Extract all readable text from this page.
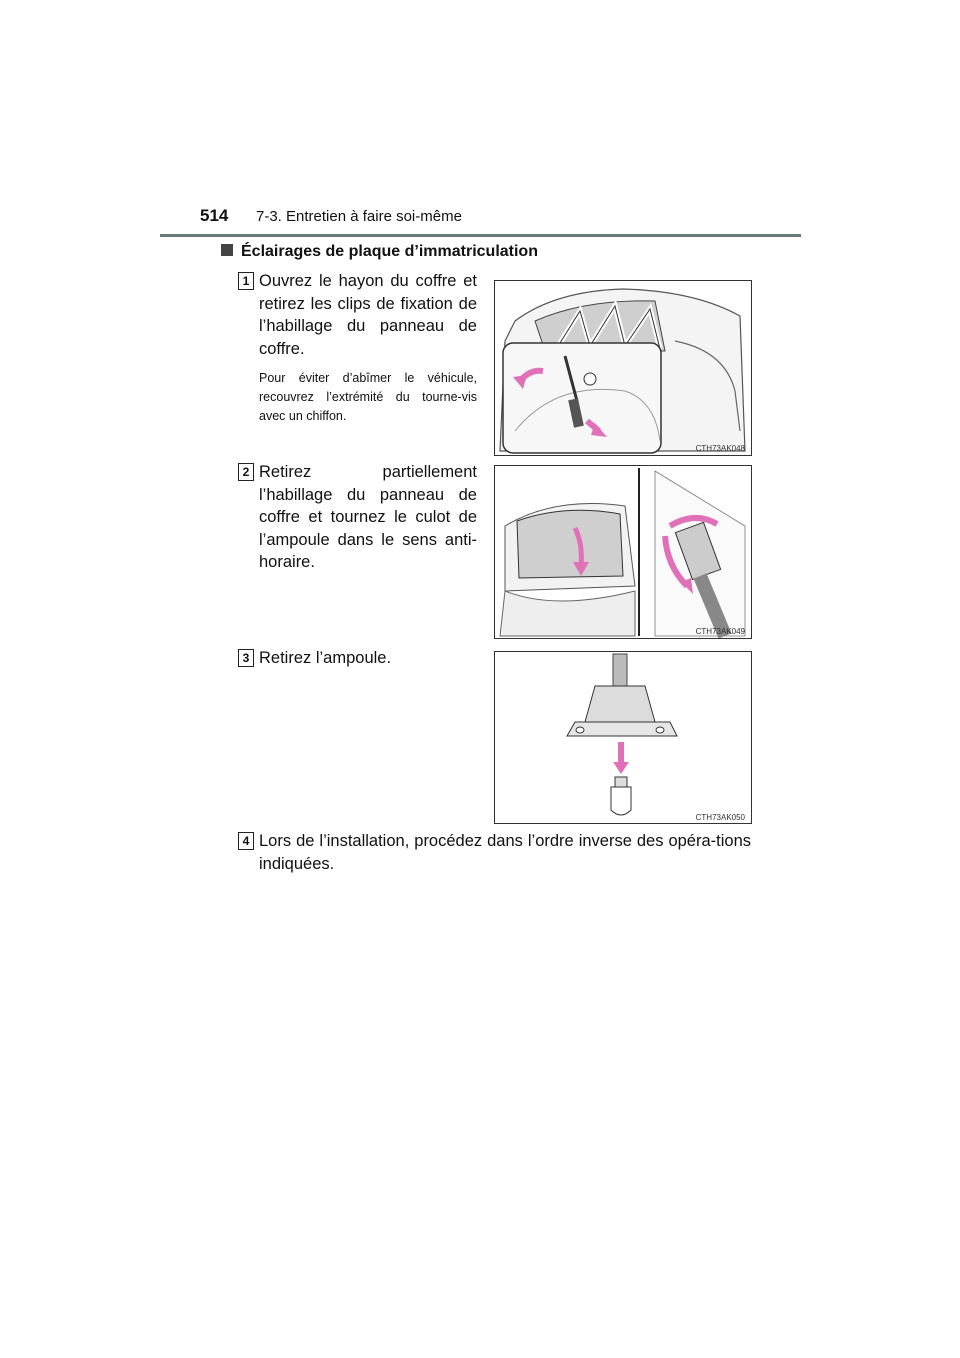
514 7-3. Entretien à faire soi-même
Éclairages de plaque d’immatriculation
1 Ouvrez le hayon du coffre et retirez les clips de fixation de l’habillage du panneau de coffre.
Pour éviter d’abîmer le véhicule, recouvrez l’extrémité du tourne-vis avec un chiffon.
CTH73AK048
2 Retirez partiellement l’habillage du panneau de coffre et tournez le culot de l’ampoule dans le sens anti-horaire.
CTH73AK049
3 Retirez l’ampoule.
CTH73AK050
4 Lors de l’installation, procédez dans l’ordre inverse des opéra-tions indiquées.
